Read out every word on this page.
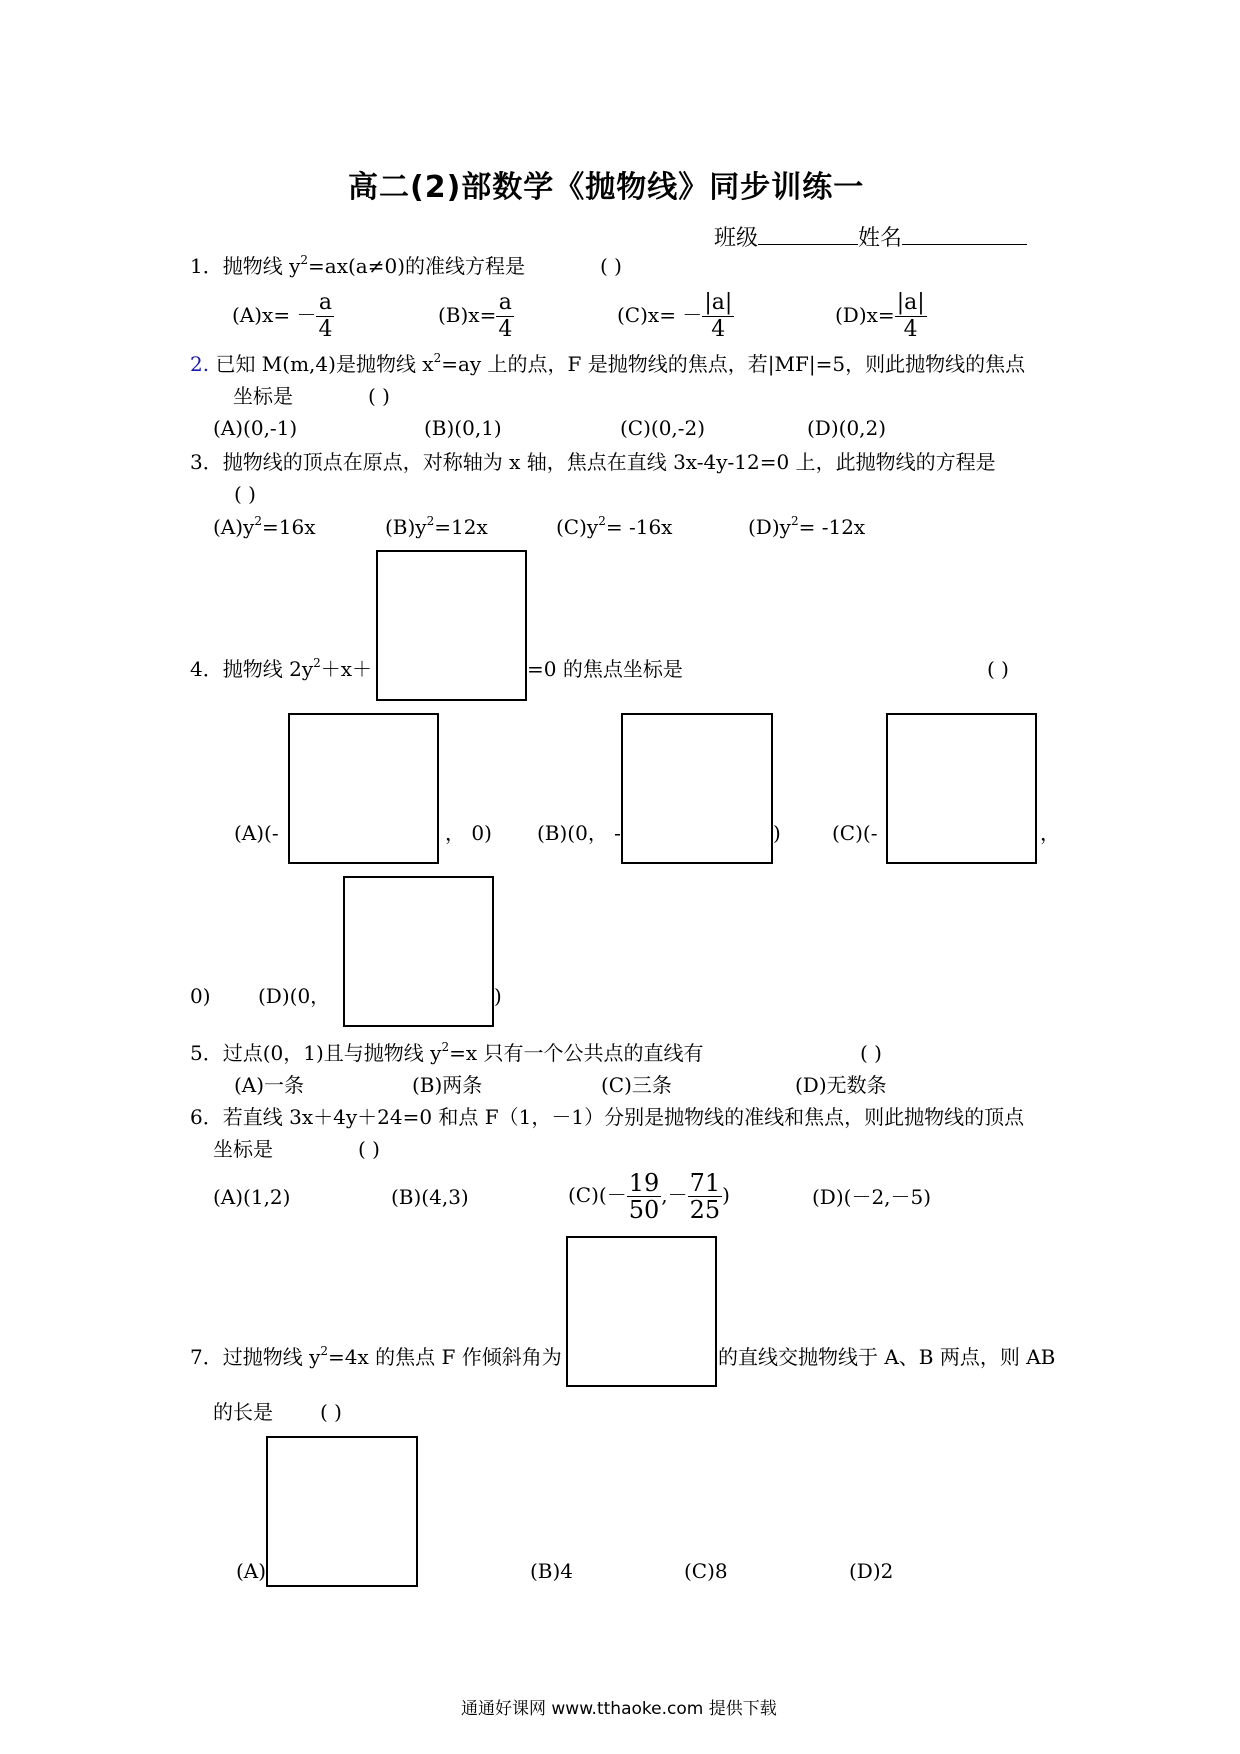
高二(2)部数学《抛物线》同步训练一
班级	姓名
1．抛物线 $y^2=ax(a\ne 0)$的准线方程是	( )
$(A)x= - \frac{a}{4}$	$(B)x= \frac{a}{4}$	$(C)x= - \frac{|a|}{4}$	$(D)x= \frac{|a|}{4}$
2. 已知 M(m,4)是抛物线 $x^2=ay$ 上的点，F 是抛物线的焦点，若|MF|=5，则此抛物线的焦点
坐标是	( )
(A)(0,-1)	(B)(0,1)	(C)(0,-2)	(D)(0,2)
3．抛物线的顶点在原点，对称轴为 x 轴，焦点在直线 3x-4y-12=0 上，此抛物线的方程是
( )
$(A)y^2=16x$	$(B)y^2=12x$	$(C)y^2= -16x$	$(D)y^2= -12x$
4．抛物线 $2y^2+x+$	=0 的焦点坐标是	( )
(A)(-	， 0) (B)(0， -	)	(C)(-	，
0) (D)(0，	)
5．过点(0，1)且与抛物线 $y^2=x$ 只有一个公共点的直线有	( )
(A)一条	(B)两条	(C)三条	(D)无数条
6．若直线 3x＋4y＋24=0 和点 F（1，－1）分别是抛物线的准线和焦点，则此抛物线的顶点
坐标是	( )
(A)(1,2)	(B)(4,3)	$(C)(- \frac{19}{50}$ ,－ $\frac{71}{25}$ )	(D)(－2,－5)
7．过抛物线 $y^2=4x$ 的焦点 F 作倾斜角为	的直线交抛物线于 A、B 两点，则 AB
的长是 ( )
(A)	(B)4	(C)8	(D)2
通通好课网 www.tthaoke.com 提供下载
